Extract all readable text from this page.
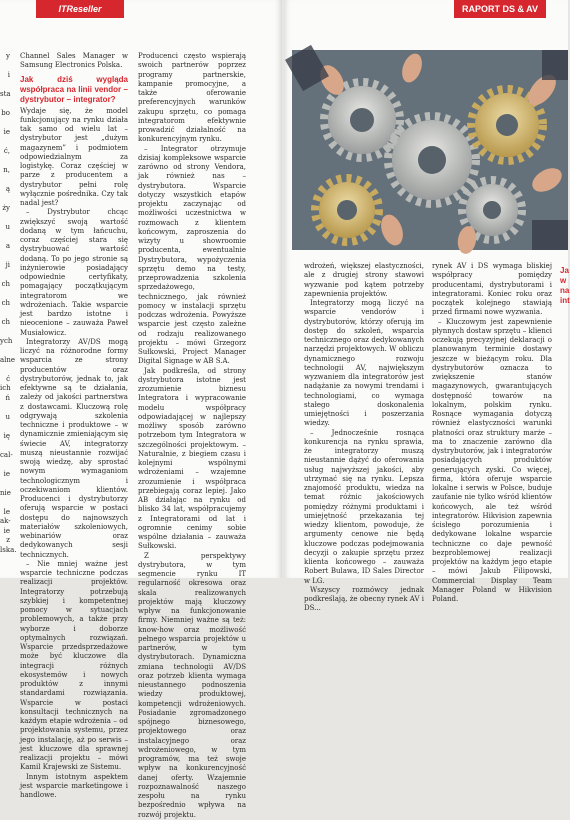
ITReseller
y
i
sta
bo
ie
ć,
n,
ą
ży
u
a
ji
ch
ch
ch
ych
alne
ć ich
ń
u
ię
cal-
ie
nie
le ak-
ie z
lska.

Channel Sales Manager w Samsung Electronics Polska.

Jak dziś wygląda współpraca na linii vendor – dystrybutor – integrator?

Wydaje się, że model funkcjonujący na rynku działa tak samo od wielu lat – dystrybutor jest „dużym magazynem” i podmiotem odpowiedzialnym za logistykę. Coraz częściej w parze z producentem a dystrybutor pełni rolę wyłącznie pośrednika. Czy tak nadal jest?

– Dystrybutor chcąc zwiększyć swoją wartość dodaną w tym łańcuchu, coraz częściej stara się dystrybuować wartość dodaną. To po jego stronie są inżynierowie posiadający odpowiednie certyfikaty, pomagający początkującym integratorom we wdrożeniach. Takie wsparcie jest bardzo istotne i nieocenione – zauważa Paweł Musiałowicz.

Integratorzy AV/DS mogą liczyć na różnorodne formy wsparcia ze strony producentów oraz dystrybutorów, jednak to, jak efektywne są te działania, zależy od jakości partnerstwa z dostawcami. Kluczową rolę odgrywają szkolenia techniczne i produktowe – w dynamicznie zmieniającym się świecie AV, integratorzy muszą nieustannie rozwijać swoją wiedzę, aby sprostać nowym wymaganiom technologicznym i oczekiwaniom klientów. Producenci i dystrybutorzy oferują wsparcie w postaci dostępu do najnowszych materiałów szkoleniowych, webinariów oraz dedykowanych sesji technicznych.

– Nie mniej ważne jest wsparcie techniczne podczas realizacji projektów. Integratorzy potrzebują szybkiej i kompetentnej pomocy w sytuacjach problemowych, a także przy wyborze i doborze optymalnych rozwiązań. Wsparcie przedsprzedażowe może być kluczowe dla integracji różnych ekosystemów i nowych produktów z innymi standardami rozwiązania. Wsparcie w postaci konsultacji technicznych na każdym etapie wdrożenia – od projektowania systemu, przez jego instalację, aż po serwis – jest kluczowe dla sprawnej realizacji projektu – mówi Kamil Krajewski ze Sistemu.

Innym istotnym aspektem jest wsparcie marketingowe i handlowe.

Producenci często wspierają swoich partnerów poprzez programy partnerskie, kampanie promocyjne, a także oferowanie preferencyjnych warunków zakupu sprzętu, co pomaga integratorom efektywnie prowadzić działalność na konkurencyjnym rynku.

– Integrator otrzymuje dzisiaj kompleksowe wsparcie zarówno od strony Vendora, jak również nas – dystrybutora. Wsparcie dotyczy wszystkich etapów projektu zaczynając od możliwości uczestnictwa w rozmowach z klientem końcowym, zaproszenia do wizyty u showroomie producenta, ewentualnie Dystrybutora, wypożyczenia sprzętu demo na testy, przeprowadzenia szkolenia sprzedażowego, technicznego, jak również pomocy w instalacji sprzętu podczas wdrożenia. Powyższe wsparcie jest często zależne od rodzaju realizowanego projektu – mówi Grzegorz Sułkowski, Project Manager Digital Signage w AB S.A.

Jak podkreśla, od strony dystrybutora istotne jest zrozumienie biznesu Integratora i wypracowanie modelu współpracy odpowiadającej w najlepszy możliwy sposób zarówno potrzebom tym Integratora w szczególności projektowym. – Naturalnie, z biegiem czasu i kolejnymi wspólnymi wdrożeniami – wzajemne zrozumienie i współpraca przebiegają coraz lepiej. Jako AB działając na rynku od blisko 34 lat, współpracujemy z Integratorami od lat i ogromnie cenimy sobie wspólne działania – zauważa Sułkowski.

Z perspektywy dystrybutora, w tym segmencie rynku IT regularność okresowa oraz skala realizowanych projektów mają kluczowy wpływ na funkcjonowanie firmy. Niemniej ważne są też: know-how oraz możliwość pełnego wsparcia projektów u partnerów, w tym dystrybutorach. Dynamiczna zmiana technologii AV/DS oraz potrzeb klienta wymaga nieustannego podnoszenia wiedzy produktowej, kompetencji wdrożeniowych. Posiadanie zgromadzonego spójnego biznesowego, projektowego oraz instalacyjnego oraz wdrożeniowego, w tym programów, ma też swoje wpływ na konkurencyjność danej oferty. Wzajemnie rozpoznawalność naszego zespołu na rynku bezpośrednio wpływa na rozwój projektu.

RAPORT DS & AV

wdrożeń, większej elastyczności, ale z drugiej strony stawowi wyzwanie pod kątem potrzeby zapewnienia projektów.

Integratorzy mogą liczyć na wsparcie vendorów i dystrybutorów, którzy oferują im dostęp do szkoleń, wsparcia technicznego oraz dedykowanych narzędzi projektowych. W obliczu dynamicznego rozwoju technologii AV, największym wyzwaniem dla integratorów jest nadążanie za nowymi trendami i technologiami, co wymaga stałego doskonalenia umiejętności i poszerzania wiedzy.

– Jednocześnie rosnąca konkurencja na rynku sprawia, że integratorzy muszą nieustannie dążyć do oferowania usług najwyższej jakości, aby utrzymać się na rynku. Lepsza znajomość produktu, wiedza na temat różnic jakościowych pomiędzy różnymi produktami i umiejętność przekazania tej wiedzy klientom, powoduje, że argumenty cenowe nie będą kluczowe podczas podejmowania decyzji o zakupie sprzętu przez klienta końcowego – zauważa Robert Bulawa, ID Sales Director w LG.

Wszyscy rozmówcy jednak podkreślają, że obecny rynek AV i DS...

rynek AV i DS wymaga bliskiej współpracy pomiędzy producentami, dystrybutorami i integratorami. Koniec roku oraz początek kolejnego stawiają przed firmami nowe wyzwania.

– Kluczowym jest zapewnienie płynnych dostaw sprzętu – klienci oczekują precyzyjnej deklaracji o planowanym terminie dostawy jeszcze w bieżącym roku. Dla dystrybutorów oznacza to zwiększenie stanów magazynowych, gwarantujących dostępność towarów na lokalnym, polskim rynku. Rosnące wymagania dotyczą również elastyczności warunki płatności oraz struktury marże – ma to znaczenie zarówno dla dystrybutorów, jak i integratorów posiadających produktów generujących zyski. Co więcej, firma, która oferuje wsparcie lokalne i serwis w Polsce, buduje zaufanie nie tylko wśród klientów końcowych, ale też wśród integratorów. Hikvision zapewnia ścisłego porozumienia i dedykowane lokalne wsparcie techniczne co daje pewność bezproblemowej realizacji projektów na każdym jego etapie – mówi Jakub Filipowski, Commercial Display Team Manager Poland w Hikvision Poland.

Ja
w
na
int
